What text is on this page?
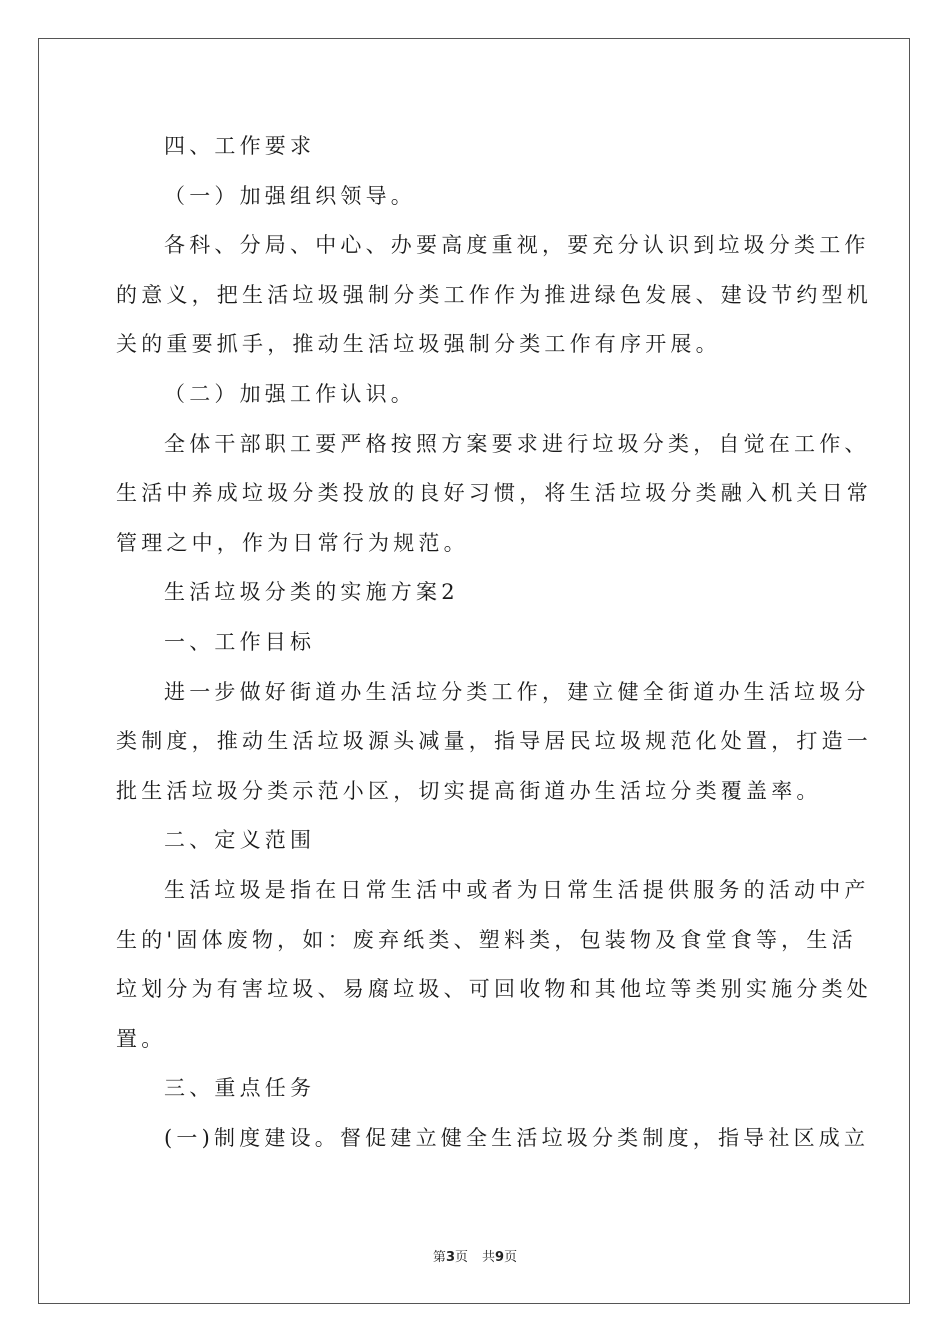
四、工作要求
（一）加强组织领导。
各科、分局、中心、办要高度重视，要充分认识到垃圾分类工作
的意义，把生活垃圾强制分类工作作为推进绿色发展、建设节约型机
关的重要抓手，推动生活垃圾强制分类工作有序开展。
（二）加强工作认识。
全体干部职工要严格按照方案要求进行垃圾分类，自觉在工作、
生活中养成垃圾分类投放的良好习惯，将生活垃圾分类融入机关日常
管理之中，作为日常行为规范。
生活垃圾分类的实施方案2
一、工作目标
进一步做好街道办生活垃分类工作，建立健全街道办生活垃圾分
类制度，推动生活垃圾源头减量，指导居民垃圾规范化处置，打造一
批生活垃圾分类示范小区，切实提高街道办生活垃分类覆盖率。
二、定义范围
生活垃圾是指在日常生活中或者为日常生活提供服务的活动中产
生的'固体废物，如：废弃纸类、塑料类，包装物及食堂食等，生活
垃划分为有害垃圾、易腐垃圾、可回收物和其他垃等类别实施分类处
置。
三、重点任务
(一)制度建设。督促建立健全生活垃圾分类制度，指导社区成立
第3页 共9页
